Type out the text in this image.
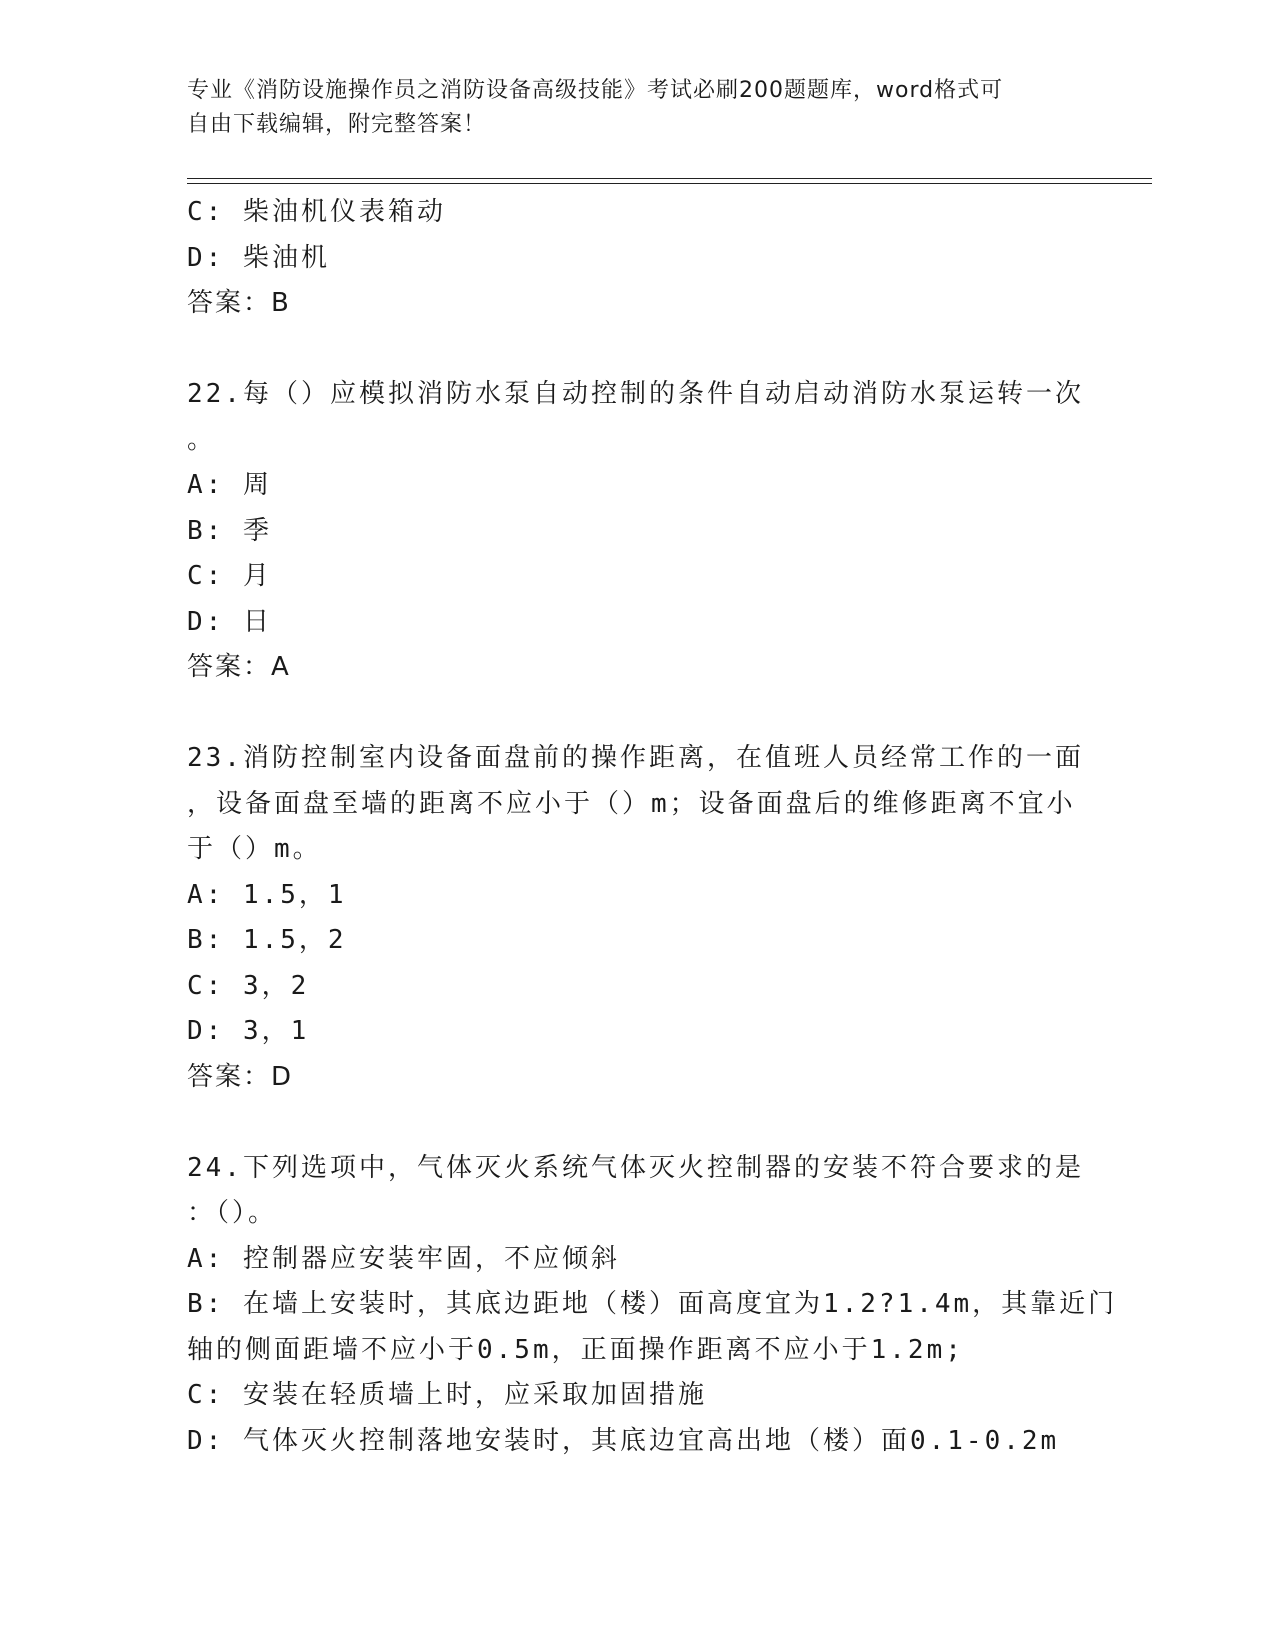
专业《消防设施操作员之消防设备高级技能》考试必刷200题题库，word格式可
自由下载编辑，附完整答案！

C: 柴油机仪表箱动

D: 柴油机

答案：B

22.每（）应模拟消防水泵自动控制的条件自动启动消防水泵运转一次

。

A: 周

B: 季

C: 月

D: 日

答案：A

23.消防控制室内设备面盘前的操作距离，在值班人员经常工作的一面

，设备面盘至墙的距离不应小于（）m；设备面盘后的维修距离不宜小

于（）m。

A: 1.5，1

B: 1.5，2

C: 3，2

D: 3，1

答案：D

24.下列选项中，气体灭火系统气体灭火控制器的安装不符合要求的是

：（）。

A: 控制器应安装牢固，不应倾斜

B: 在墙上安装时，其底边距地（楼）面高度宜为1.2?1.4m，其靠近门

轴的侧面距墙不应小于0.5m，正面操作距离不应小于1.2m;

C: 安装在轻质墙上时，应采取加固措施

D: 气体灭火控制落地安装时，其底边宜高出地（楼）面0.1-0.2m
